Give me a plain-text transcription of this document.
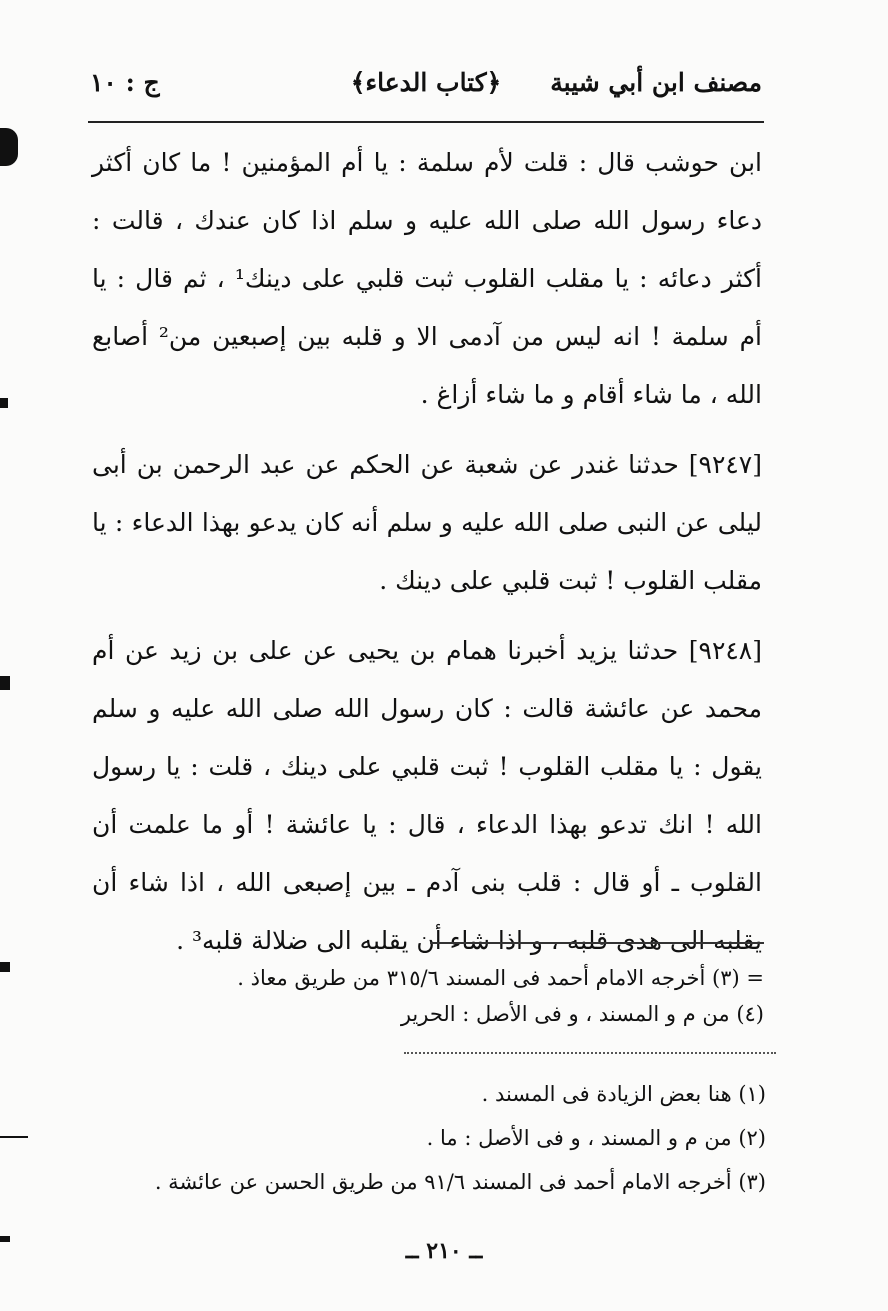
مصنف ابن أبي شيبة
﴿كتاب الدعاء﴾
ج : ١٠

ابن حوشب قال : قلت لأم سلمة : يا أم المؤمنين ! ما كان أكثر دعاء رسول الله صلى الله عليه و سلم اذا كان عندك ، قالت : أكثر دعائه : يا مقلب القلوب ثبت قلبي على دينك¹ ، ثم قال : يا أم سلمة ! انه ليس من آدمى الا و قلبه بين إصبعين من² أصابع الله ، ما شاء أقام و ما شاء أزاغ .

[٩٢٤٧] حدثنا غندر عن شعبة عن الحكم عن عبد الرحمن بن أبى ليلى عن النبى صلى الله عليه و سلم أنه كان يدعو بهذا الدعاء : يا مقلب القلوب ! ثبت قلبي على دينك .

[٩٢٤٨] حدثنا يزيد أخبرنا همام بن يحيى عن على بن زيد عن أم محمد عن عائشة قالت : كان رسول الله صلى الله عليه و سلم يقول : يا مقلب القلوب ! ثبت قلبي على دينك ، قلت : يا رسول الله ! انك تدعو بهذا الدعاء ، قال : يا عائشة ! أو ما علمت أن القلوب ـ أو قال : قلب بنى آدم ـ بين إصبعى الله ، اذا شاء أن يقلبه الى هدى قلبه ، و اذا شاء أن يقلبه الى ضلالة قلبه³ .

= (٣) أخرجه الامام أحمد فى المسند ٣١٥/٦ من طريق معاذ .

(٤) من م و المسند ، و فى الأصل : الحرير

(١) هنا بعض الزيادة فى المسند .

(٢) من م و المسند ، و فى الأصل : ما .

(٣) أخرجه الامام أحمد فى المسند ٩١/٦ من طريق الحسن عن عائشة .

ــ ٢١٠ ــ
